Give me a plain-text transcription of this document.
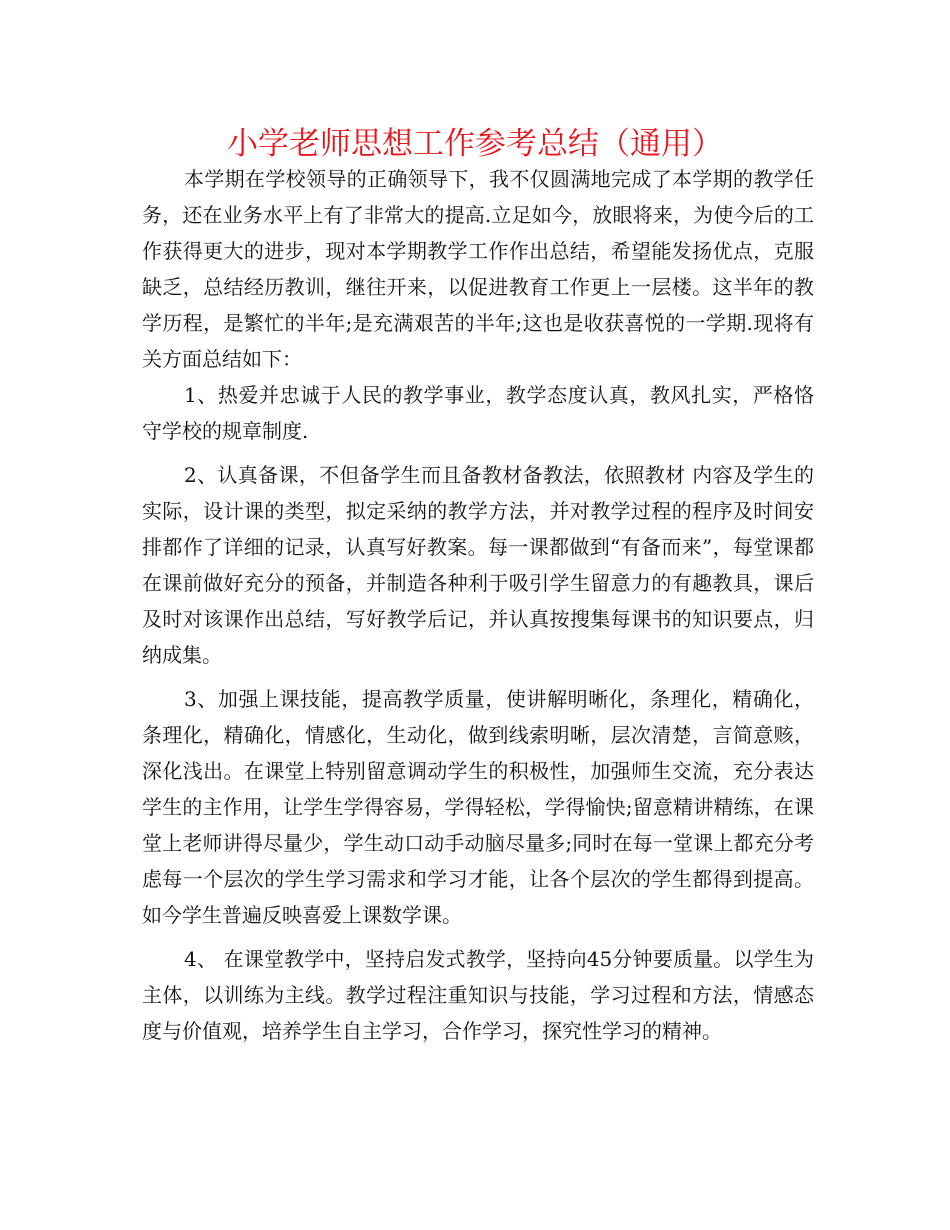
小学老师思想工作参考总结（通用）

本学期在学校领导的正确领导下，我不仅圆满地完成了本学期的教学任务，还在业务水平上有了非常大的提高.立足如今，放眼将来，为使今后的工作获得更大的进步，现对本学期教学工作作出总结，希望能发扬优点，克服缺乏，总结经历教训，继往开来，以促进教育工作更上一层楼。这半年的教学历程，是繁忙的半年;是充满艰苦的半年;这也是收获喜悦的一学期.现将有关方面总结如下：

1、热爱并忠诚于人民的教学事业，教学态度认真，教风扎实，严格恪守学校的规章制度.

2、认真备课，不但备学生而且备教材备教法，依照教材 内容及学生的实际，设计课的类型，拟定采纳的教学方法，并对教学过程的程序及时间安排都作了详细的记录，认真写好教案。每一课都做到“有备而来”，每堂课都在课前做好充分的预备，并制造各种利于吸引学生留意力的有趣教具，课后及时对该课作出总结，写好教学后记，并认真按搜集每课书的知识要点，归纳成集。

3、加强上课技能，提高教学质量，使讲解明晰化，条理化，精确化，条理化，精确化，情感化，生动化，做到线索明晰，层次清楚，言简意赅，深化浅出。在课堂上特别留意调动学生的积极性，加强师生交流，充分表达学生的主作用，让学生学得容易，学得轻松，学得愉快;留意精讲精练，在课堂上老师讲得尽量少，学生动口动手动脑尽量多;同时在每一堂课上都充分考虑每一个层次的学生学习需求和学习才能，让各个层次的学生都得到提高。如今学生普遍反映喜爱上课数学课。

4、 在课堂教学中，坚持启发式教学，坚持向45分钟要质量。以学生为主体，以训练为主线。教学过程注重知识与技能，学习过程和方法，情感态度与价值观，培养学生自主学习，合作学习，探究性学习的精神。
